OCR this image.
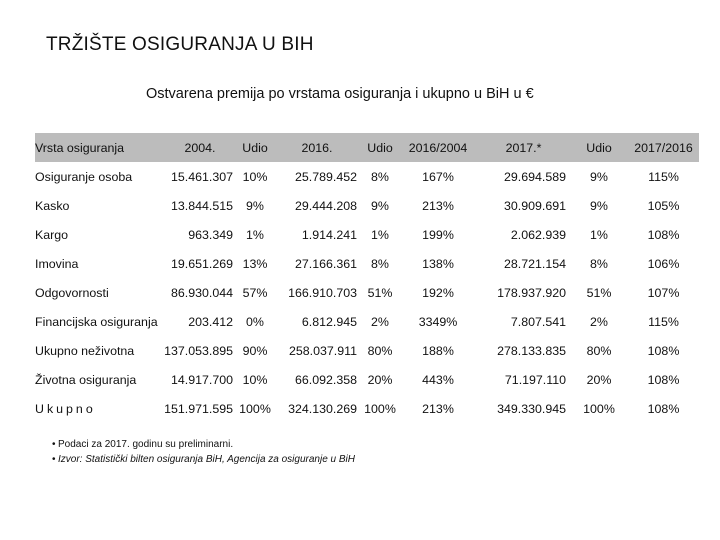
TRŽIŠTE OSIGURANJA U BIH
Ostvarena premija po vrstama osiguranja i ukupno u BiH u €
Vrsta osiguranja	2004.	Udio	2016.	Udio	2016/2004	2017.*	Udio	2017/2016
Osiguranje osoba	15.461.307	10%	25.789.452	8%	167%	29.694.589	9%	115%
Kasko	13.844.515	9%	29.444.208	9%	213%	30.909.691	9%	105%
Kargo	963.349	1%	1.914.241	1%	199%	2.062.939	1%	108%
Imovina	19.651.269	13%	27.166.361	8%	138%	28.721.154	8%	106%
Odgovornosti	86.930.044	57%	166.910.703	51%	192%	178.937.920	51%	107%
Financijska osiguranja	203.412	0%	6.812.945	2%	3349%	7.807.541	2%	115%
Ukupno neživotna	137.053.895	90%	258.037.911	80%	188%	278.133.835	80%	108%
Životna osiguranja	14.917.700	10%	66.092.358	20%	443%	71.197.110	20%	108%
Ukupno	151.971.595	100%	324.130.269	100%	213%	349.330.945	100%	108%
• Podaci za 2017. godinu su preliminarni.
• Izvor: Statistički bilten osiguranja BiH, Agencija za osiguranje u BiH
